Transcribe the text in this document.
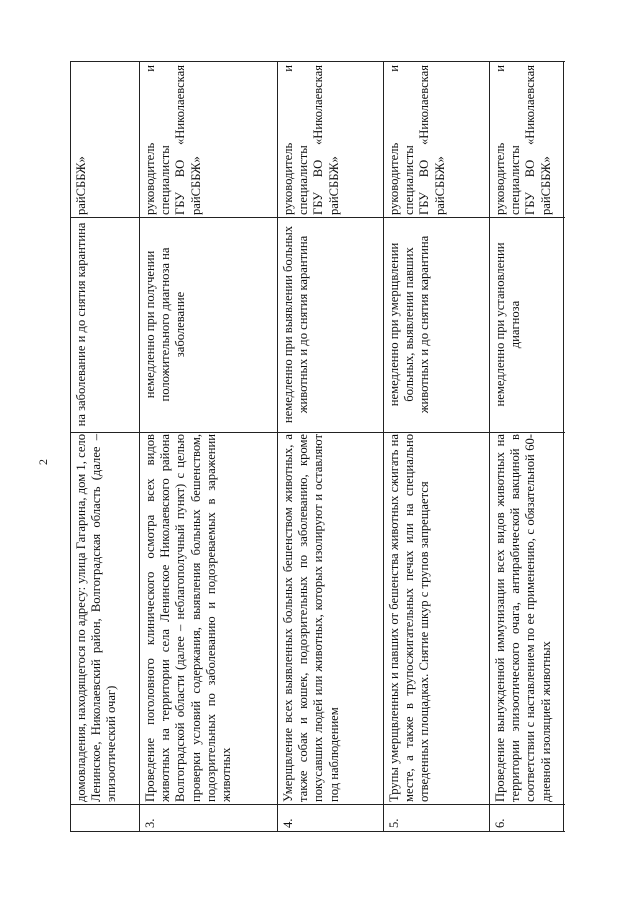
2 домовладения, находящегося по адресу: улица Гагарина, дом 1, село Ленинское, Николаевский район, Волгоградская область (далее – эпизоотический очаг)
на заболевание и до снятия карантина
райСББЖ»
3.
Проведение поголовного клинического осмотра всех видов животных на территории села Ленинское Николаевского района Волгоградской области (далее – неблагополучный пункт) с целью проверки условий содержания, выявления больных бешенством, подозрительных по заболеванию и подозреваемых в заражении животных
немедленно при получении положительного диагноза на заболевание
руководитель и специалисты ГБУ ВО «Николаевская райСББЖ»
4.
Умерщвление всех выявленных больных бешенством животных, а также собак и кошек, подозрительных по заболеванию, кроме покусавших людей или животных, которых изолируют и оставляют под наблюдением
немедленно при выявлении больных животных и до снятия карантина
руководитель и специалисты ГБУ ВО «Николаевская райСББЖ»
5.
Трупы умерщвленных и павших от бешенства животных сжигать на месте, а также в трупосжигательных печах или на специально отведенных площадках. Снятие шкур с трупов запрещается
немедленно при умерщвлении больных, выявлении павших животных и до снятия карантина
руководитель и специалисты ГБУ ВО «Николаевская райСББЖ»
6.
Проведение вынужденной иммунизации всех видов животных на территории эпизоотического очага, антирабической вакциной в соответствии с наставлением по ее применению, с обязательной 60-дневной изоляцией животных
немедленно при установлении диагноза
руководитель и специалисты ГБУ ВО «Николаевская райСББЖ»
